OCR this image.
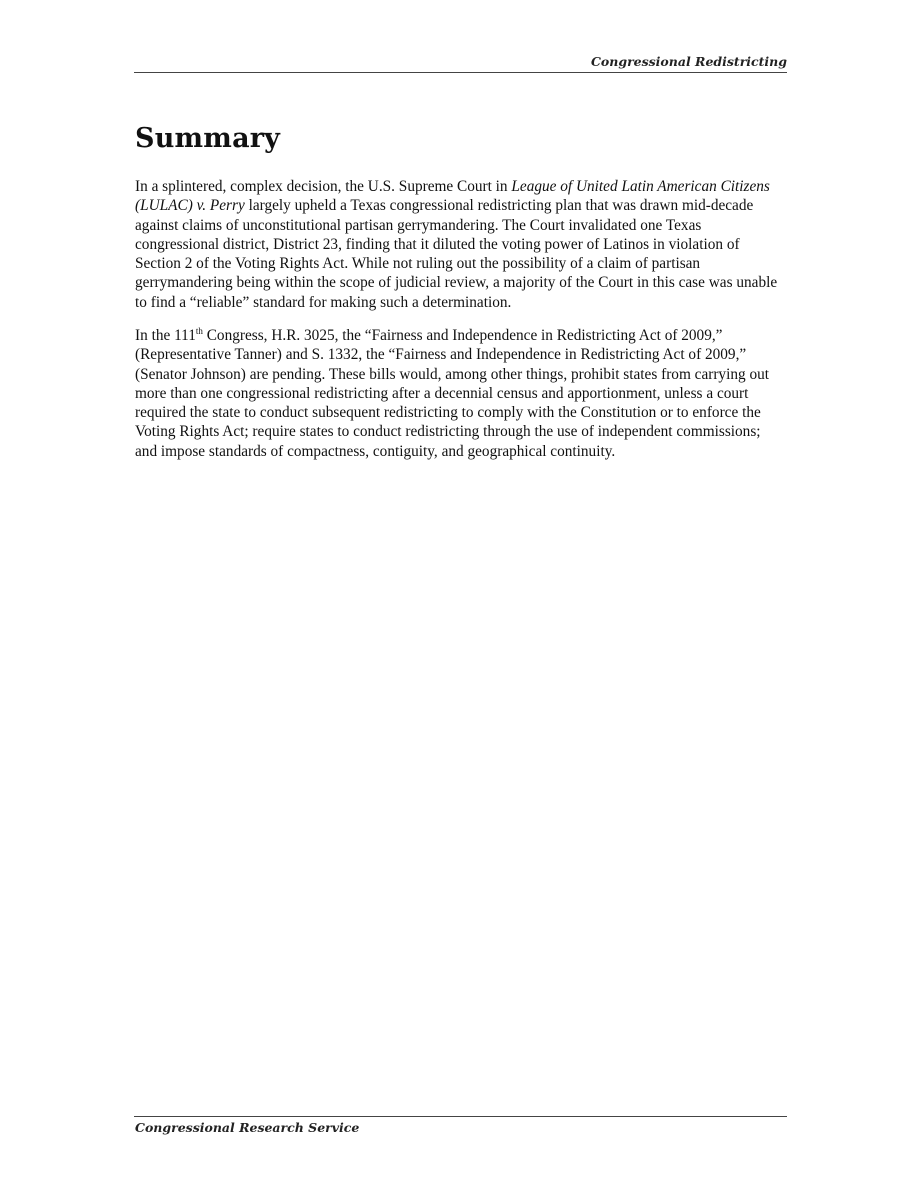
Congressional Redistricting
Summary

In a splintered, complex decision, the U.S. Supreme Court in League of United Latin American Citizens (LULAC) v. Perry largely upheld a Texas congressional redistricting plan that was drawn mid-decade against claims of unconstitutional partisan gerrymandering. The Court invalidated one Texas congressional district, District 23, finding that it diluted the voting power of Latinos in violation of Section 2 of the Voting Rights Act. While not ruling out the possibility of a claim of partisan gerrymandering being within the scope of judicial review, a majority of the Court in this case was unable to find a “reliable” standard for making such a determination.

In the 111th Congress, H.R. 3025, the “Fairness and Independence in Redistricting Act of 2009,” (Representative Tanner) and S. 1332, the “Fairness and Independence in Redistricting Act of 2009,” (Senator Johnson) are pending. These bills would, among other things, prohibit states from carrying out more than one congressional redistricting after a decennial census and apportionment, unless a court required the state to conduct subsequent redistricting to comply with the Constitution or to enforce the Voting Rights Act; require states to conduct redistricting through the use of independent commissions; and impose standards of compactness, contiguity, and geographical continuity.

Congressional Research Service
